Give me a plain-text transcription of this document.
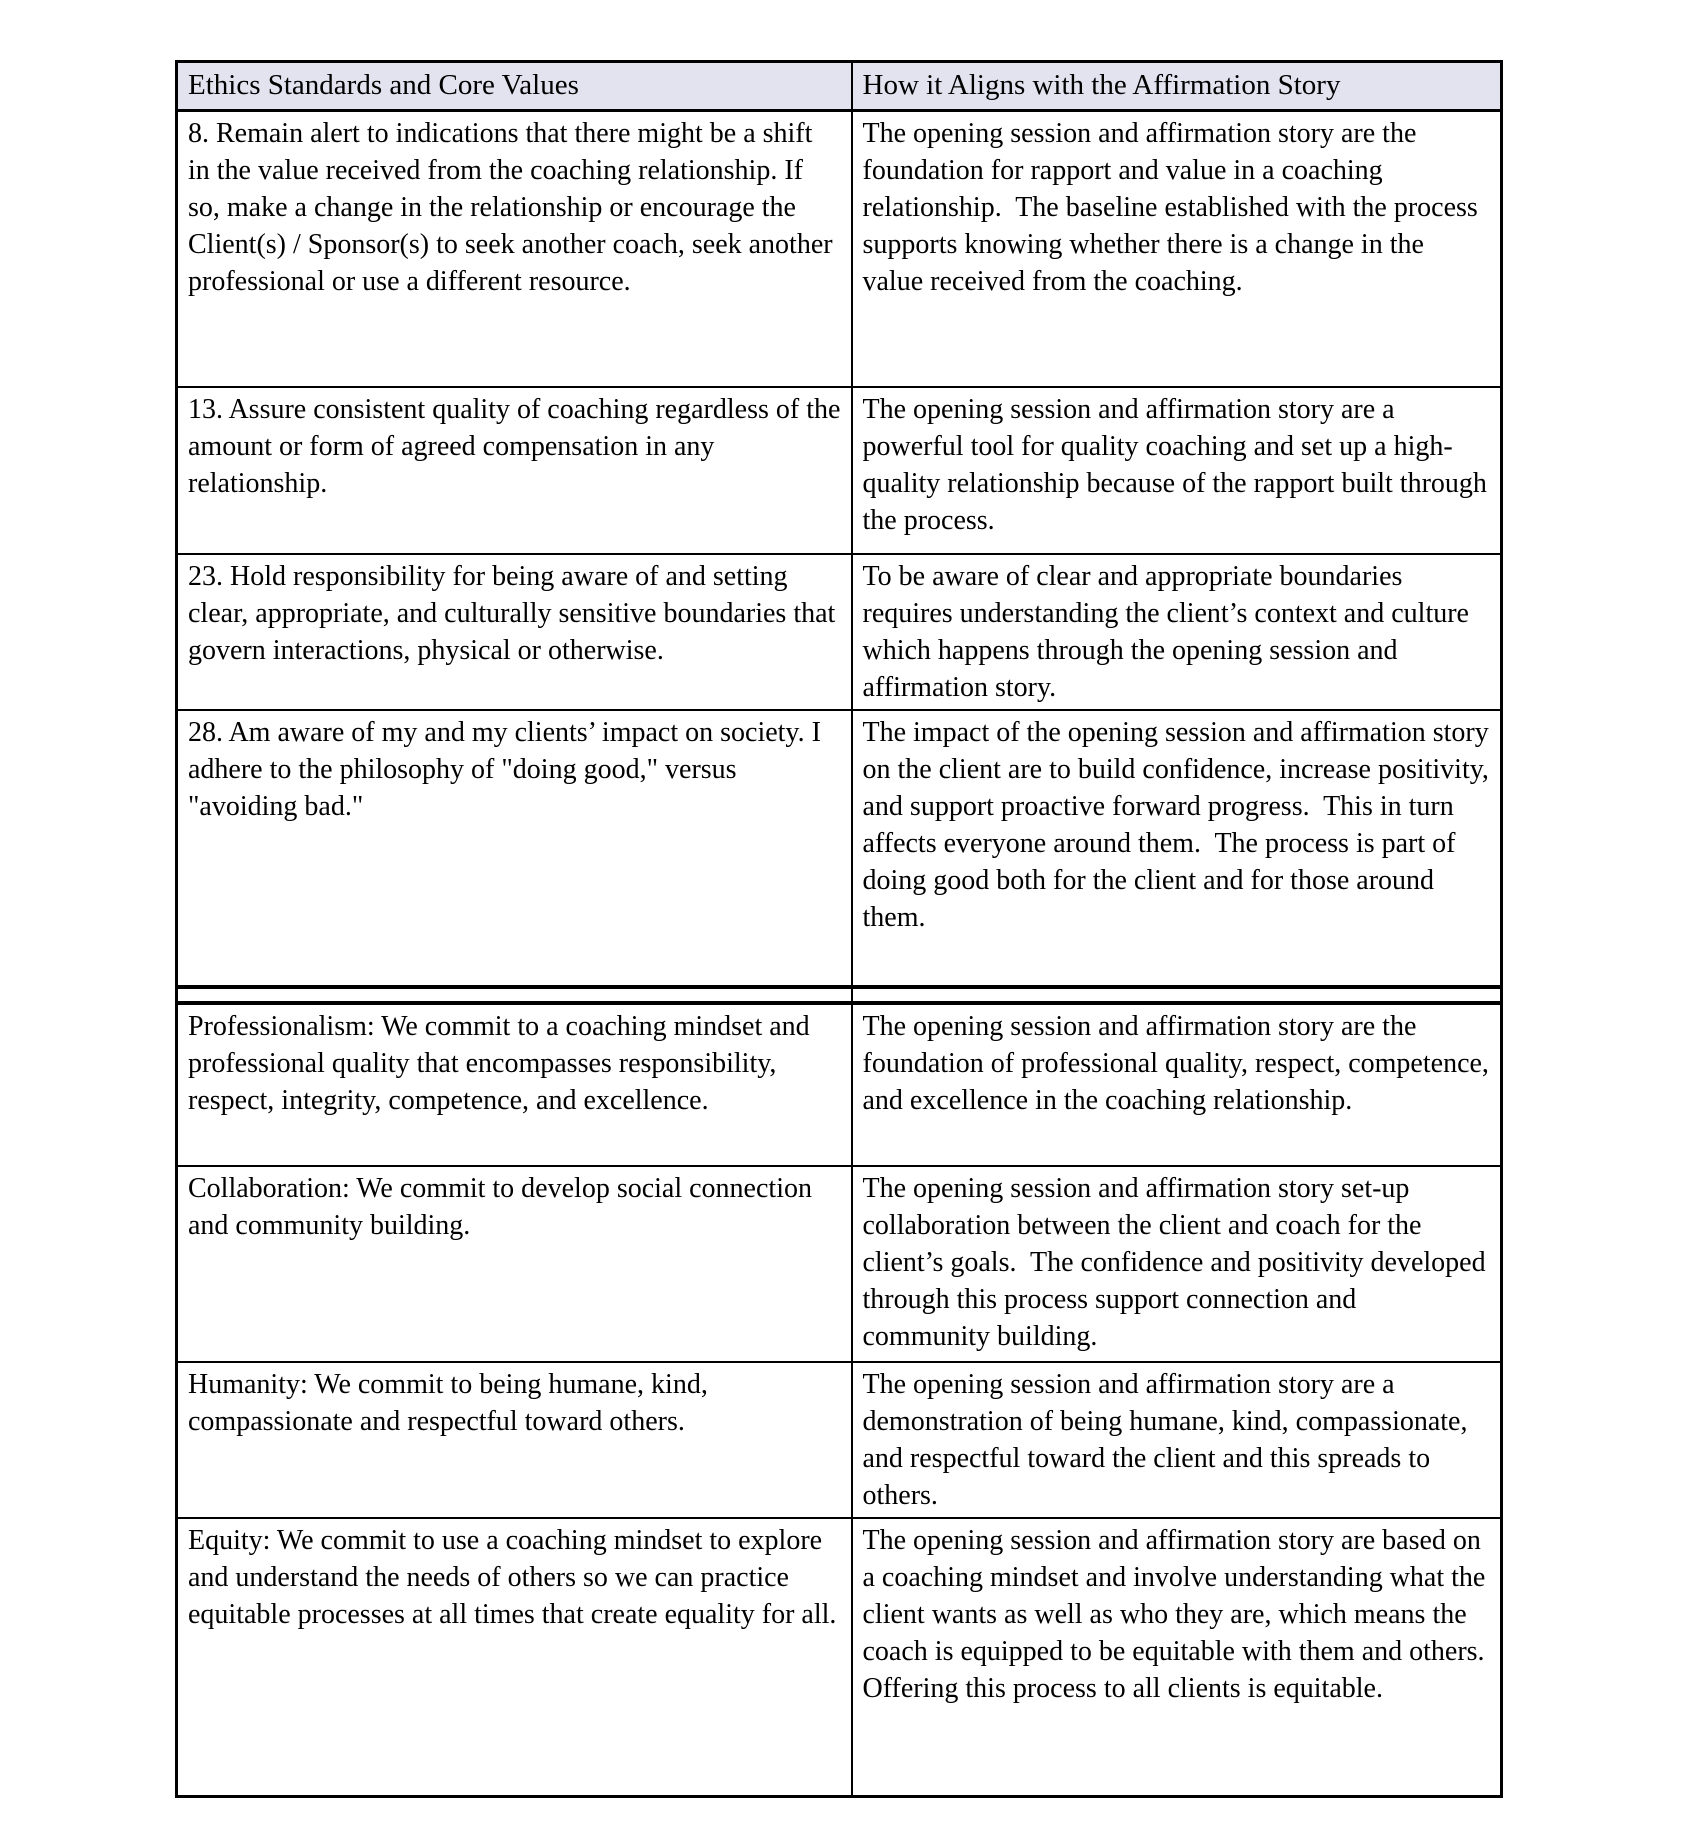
Ethics Standards and Core Values	How it Aligns with the Affirmation Story
8. Remain alert to indications that there might be a shift in the value received from the coaching relationship. If so, make a change in the relationship or encourage the Client(s) / Sponsor(s) to seek another coach, seek another professional or use a different resource.	The opening session and affirmation story are the foundation for rapport and value in a coaching relationship.  The baseline established with the process supports knowing whether there is a change in the value received from the coaching.
13. Assure consistent quality of coaching regardless of the amount or form of agreed compensation in any relationship.	The opening session and affirmation story are a powerful tool for quality coaching and set up a high-quality relationship because of the rapport built through the process.
23. Hold responsibility for being aware of and setting clear, appropriate, and culturally sensitive boundaries that govern interactions, physical or otherwise.	To be aware of clear and appropriate boundaries requires understanding the client’s context and culture which happens through the opening session and affirmation story.
28. Am aware of my and my clients’ impact on society. I adhere to the philosophy of "doing good," versus "avoiding bad."	The impact of the opening session and affirmation story on the client are to build confidence, increase positivity, and support proactive forward progress.  This in turn affects everyone around them.  The process is part of doing good both for the client and for those around them.

Professionalism: We commit to a coaching mindset and professional quality that encompasses responsibility, respect, integrity, competence, and excellence.	The opening session and affirmation story are the foundation of professional quality, respect, competence, and excellence in the coaching relationship.
Collaboration: We commit to develop social connection and community building.	The opening session and affirmation story set-up collaboration between the client and coach for the client’s goals.  The confidence and positivity developed through this process support connection and community building.
Humanity: We commit to being humane, kind, compassionate and respectful toward others.	The opening session and affirmation story are a demonstration of being humane, kind, compassionate, and respectful toward the client and this spreads to others.
Equity: We commit to use a coaching mindset to explore and understand the needs of others so we can practice equitable processes at all times that create equality for all.	The opening session and affirmation story are based on a coaching mindset and involve understanding what the client wants as well as who they are, which means the coach is equipped to be equitable with them and others.  Offering this process to all clients is equitable.
